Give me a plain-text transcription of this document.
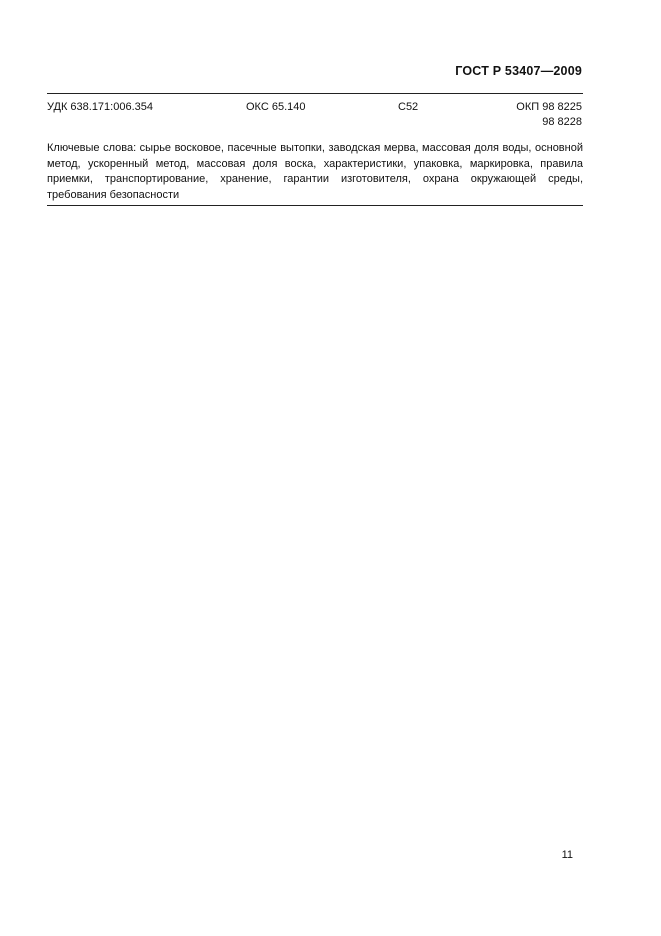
ГОСТ Р 53407—2009
УДК 638.171:006.354	ОКС 65.140	С52	ОКП 98 8225
98 8228
Ключевые слова: сырье восковое, пасечные вытопки, заводская мерва, массовая доля воды, основной метод, ускоренный метод, массовая доля воска, характеристики, упаковка, маркировка, правила приемки, транспортирование, хранение, гарантии изготовителя, охрана окружающей среды, требования безопасности
11
